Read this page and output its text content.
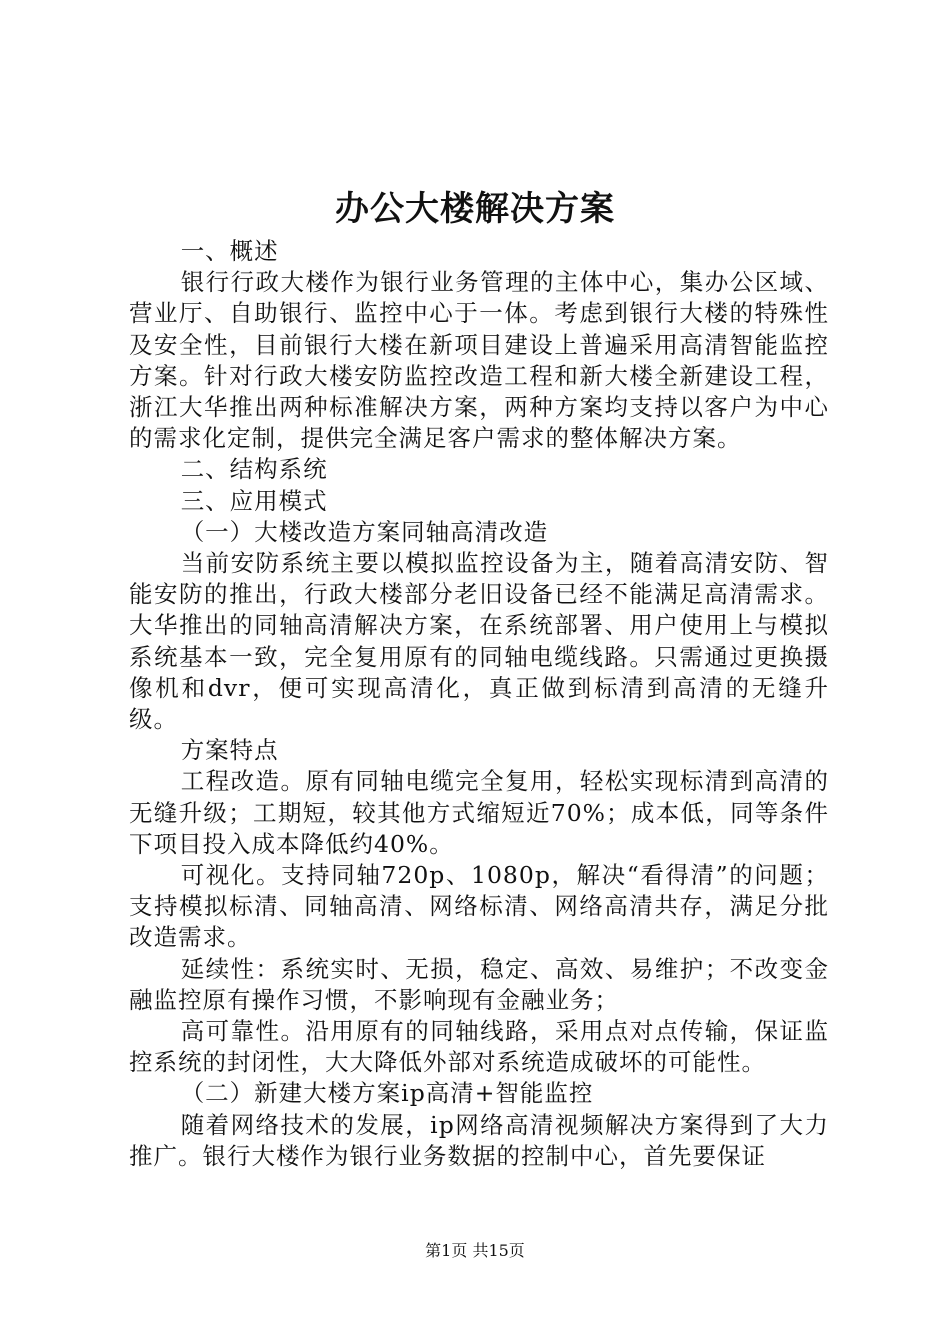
办公大楼解决方案

一、概述

银行行政大楼作为银行业务管理的主体中心，集办公区域、营业厅、自助银行、监控中心于一体。考虑到银行大楼的特殊性及安全性，目前银行大楼在新项目建设上普遍采用高清智能监控方案。针对行政大楼安防监控改造工程和新大楼全新建设工程，浙江大华推出两种标准解决方案，两种方案均支持以客户为中心的需求化定制，提供完全满足客户需求的整体解决方案。

二、结构系统

三、应用模式

（一）大楼改造方案同轴高清改造

当前安防系统主要以模拟监控设备为主，随着高清安防、智能安防的推出，行政大楼部分老旧设备已经不能满足高清需求。大华推出的同轴高清解决方案，在系统部署、用户使用上与模拟系统基本一致，完全复用原有的同轴电缆线路。只需通过更换摄像机和dvr，便可实现高清化，真正做到标清到高清的无缝升级。

方案特点

工程改造。原有同轴电缆完全复用，轻松实现标清到高清的无缝升级；工期短，较其他方式缩短近70%；成本低，同等条件下项目投入成本降低约40%。

可视化。支持同轴720p、1080p，解决“看得清”的问题；支持模拟标清、同轴高清、网络标清、网络高清共存，满足分批改造需求。

延续性：系统实时、无损，稳定、高效、易维护；不改变金融监控原有操作习惯，不影响现有金融业务；

高可靠性。沿用原有的同轴线路，采用点对点传输，保证监控系统的封闭性，大大降低外部对系统造成破坏的可能性。

（二）新建大楼方案ip高清+智能监控

随着网络技术的发展，ip网络高清视频解决方案得到了大力推广。银行大楼作为银行业务数据的控制中心，首先要保证

第1页 共15页
